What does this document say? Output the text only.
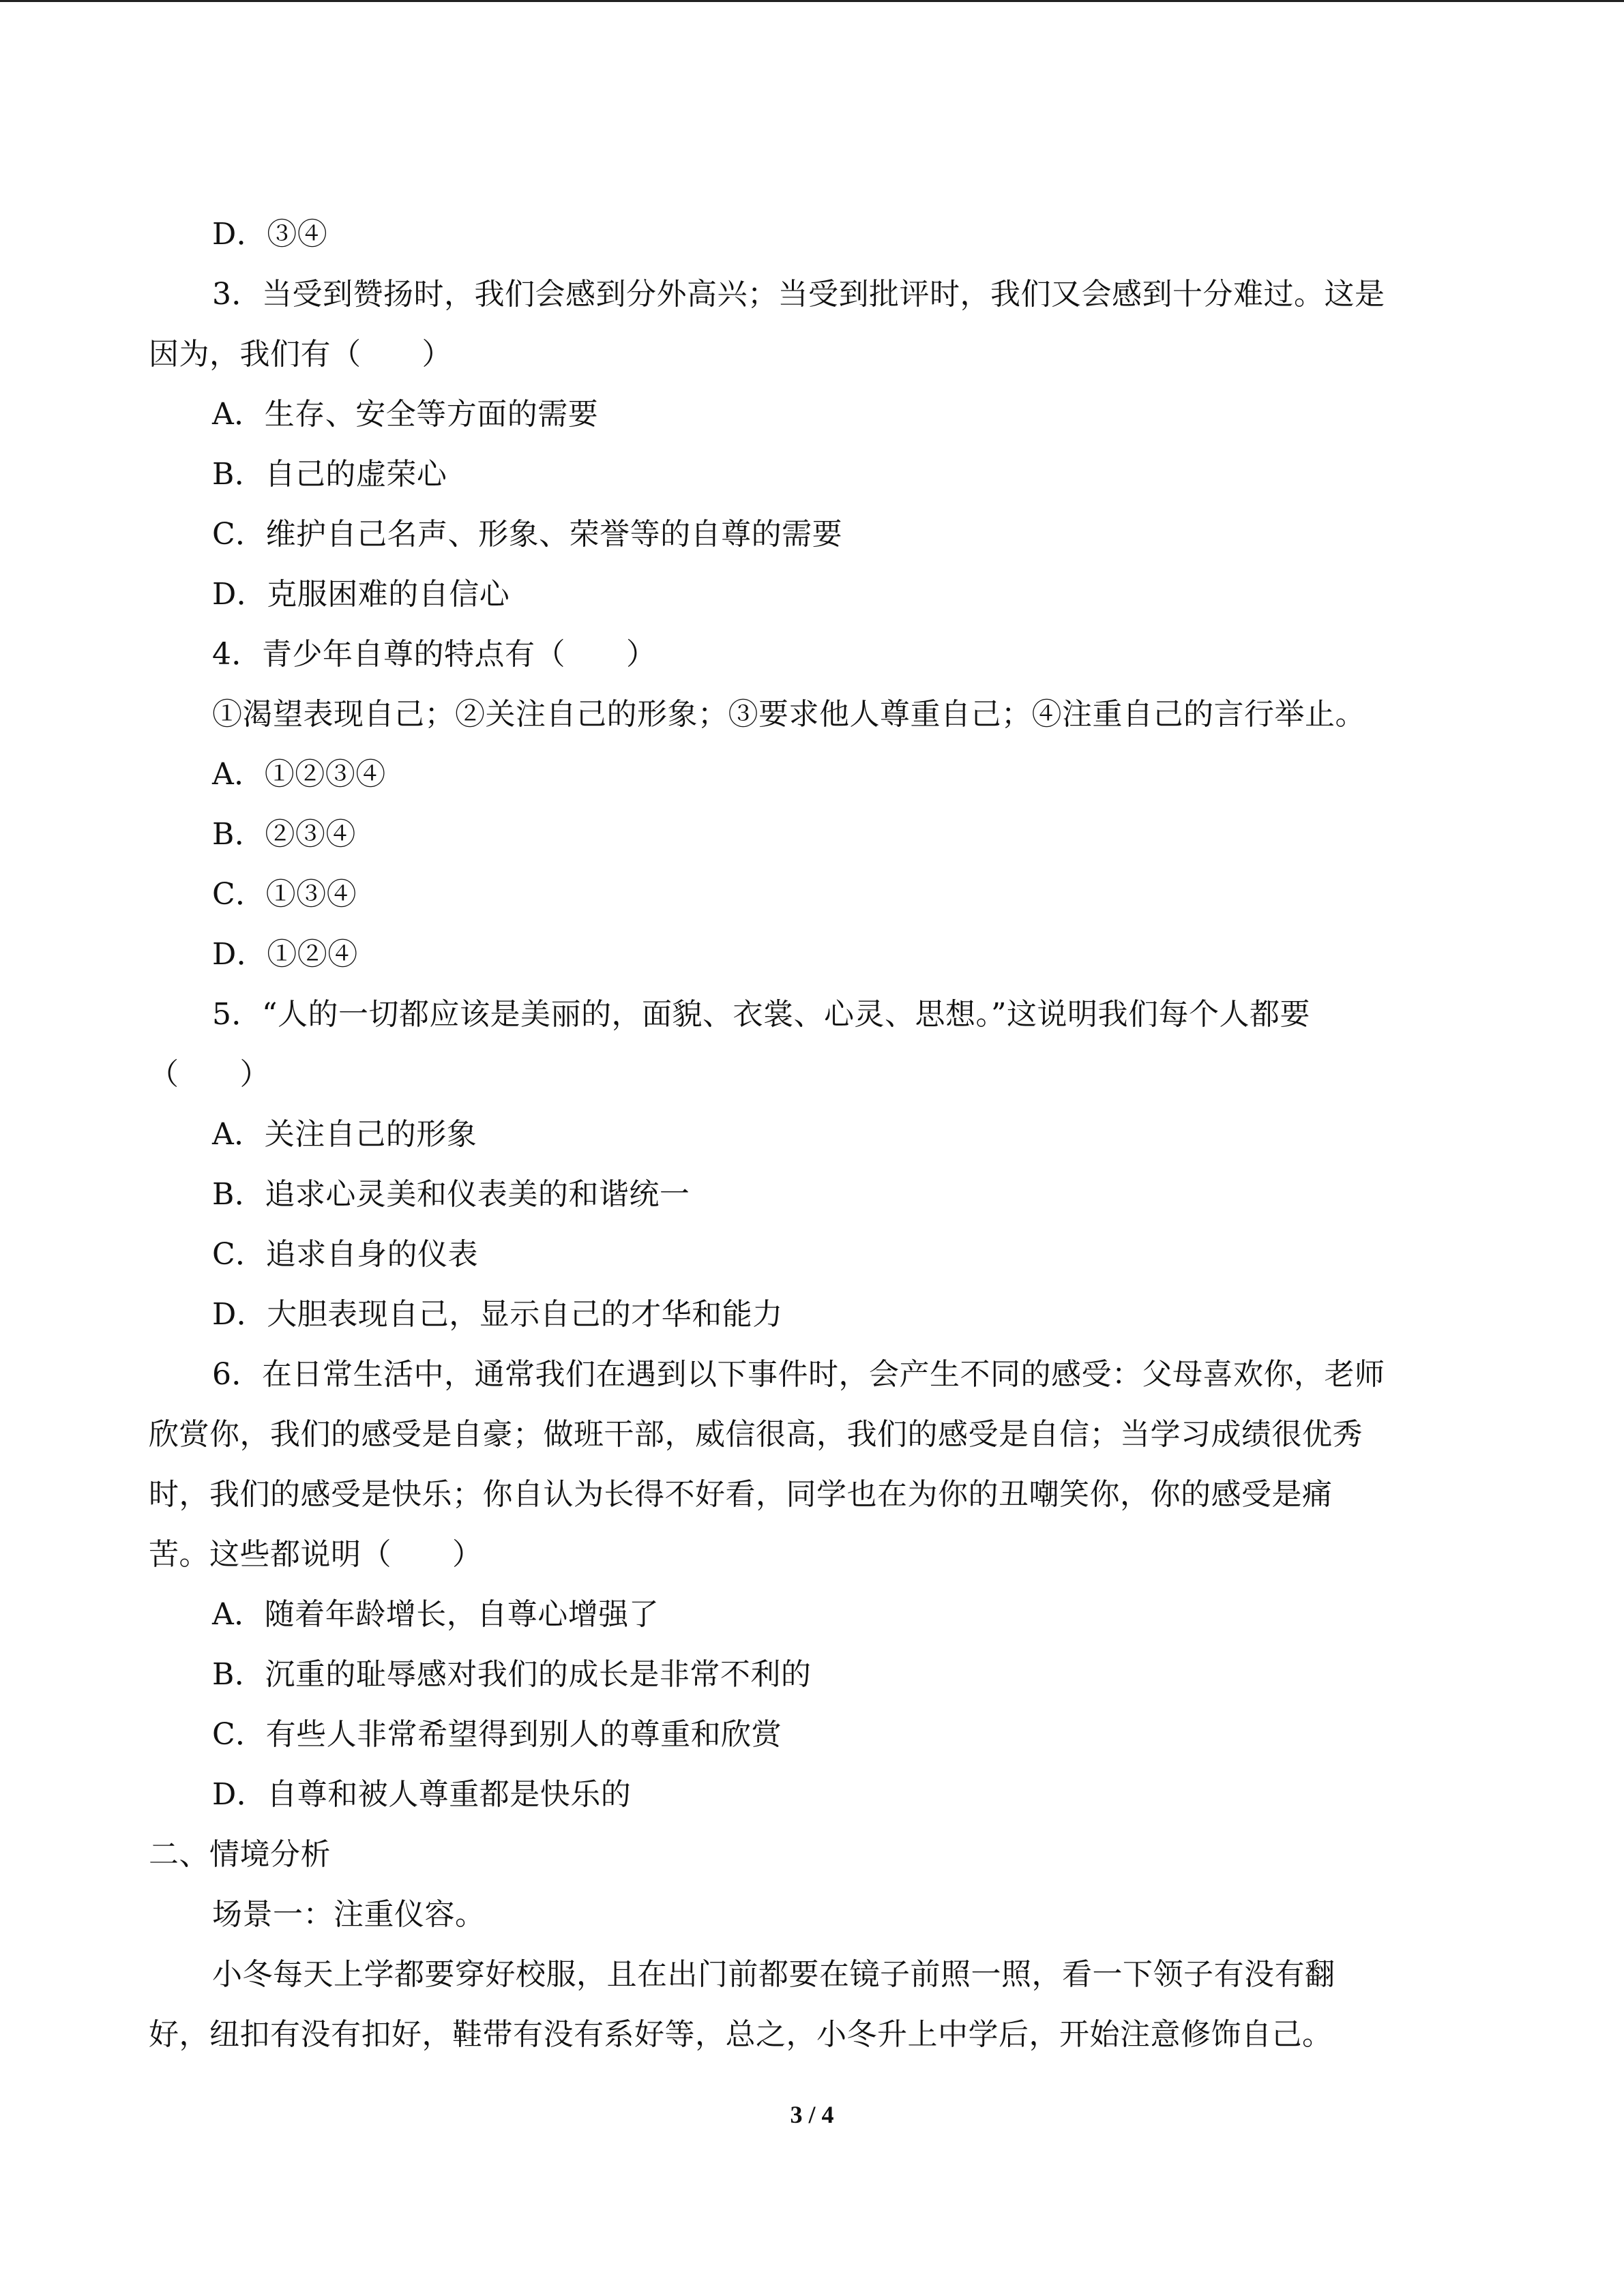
D．③④
3．当受到赞扬时，我们会感到分外高兴；当受到批评时，我们又会感到十分难过。这是
因为，我们有（　　）
A．生存、安全等方面的需要
B．自己的虚荣心
C．维护自己名声、形象、荣誉等的自尊的需要
D．克服困难的自信心
4．青少年自尊的特点有（　　）
①渴望表现自己；②关注自己的形象；③要求他人尊重自己；④注重自己的言行举止。
A．①②③④
B．②③④
C．①③④
D．①②④
5．“人的一切都应该是美丽的，面貌、衣裳、心灵、思想。”这说明我们每个人都要
（　　）
A．关注自己的形象
B．追求心灵美和仪表美的和谐统一
C．追求自身的仪表
D．大胆表现自己，显示自己的才华和能力
6．在日常生活中，通常我们在遇到以下事件时，会产生不同的感受：父母喜欢你，老师
欣赏你，我们的感受是自豪；做班干部，威信很高，我们的感受是自信；当学习成绩很优秀
时，我们的感受是快乐；你自认为长得不好看，同学也在为你的丑嘲笑你，你的感受是痛
苦。这些都说明（　　）
A．随着年龄增长，自尊心增强了
B．沉重的耻辱感对我们的成长是非常不利的
C．有些人非常希望得到别人的尊重和欣赏
D．自尊和被人尊重都是快乐的
二、情境分析
场景一：注重仪容。
小冬每天上学都要穿好校服，且在出门前都要在镜子前照一照，看一下领子有没有翻
好，纽扣有没有扣好，鞋带有没有系好等，总之，小冬升上中学后，开始注意修饰自己。
3 / 4
